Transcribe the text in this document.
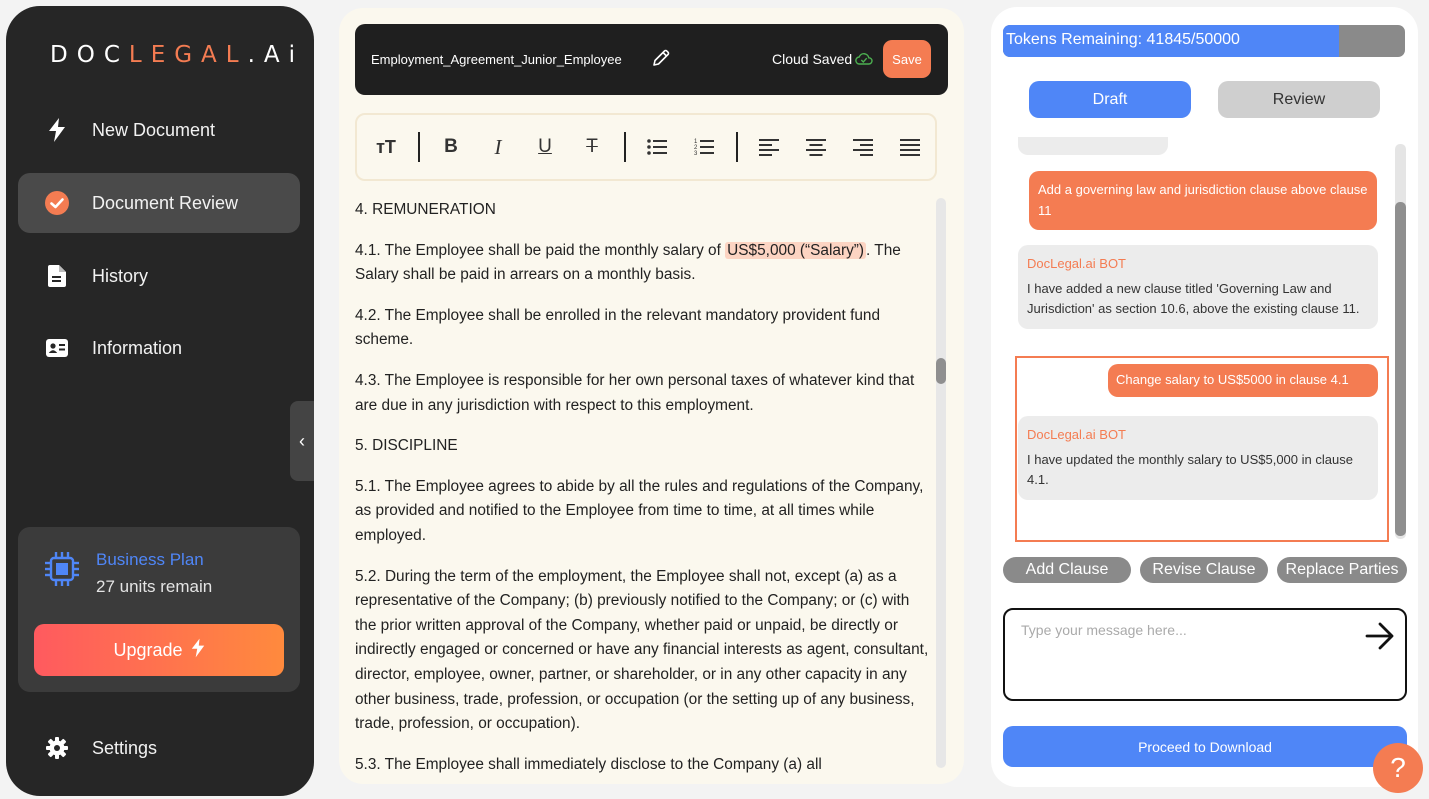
DOCLEGAL.Ai
New Document
Document Review
History
Information
‹
Business Plan
27 units remain
Upgrade
Settings
Employment_Agreement_Junior_Employee	Cloud Saved	Save
тT	B I U T	1
2
3

4. REMUNERATION

4.1. The Employee shall be paid the monthly salary of US$5,000 (“Salary”) . The Salary shall be paid in arrears on a monthly basis.

4.2. The Employee shall be enrolled in the relevant mandatory provident fund scheme.

4.3. The Employee is responsible for her own personal taxes of whatever kind that are due in any jurisdiction with respect to this employment.

5. DISCIPLINE

5.1. The Employee agrees to abide by all the rules and regulations of the Company, as provided and notified to the Employee from time to time, at all times while employed.

5.2. During the term of the employment, the Employee shall not, except (a) as a representative of the Company; (b) previously notified to the Company; or (c) with the prior written approval of the Company, whether paid or unpaid, be directly or indirectly engaged or concerned or have any financial interests as agent, consultant, director, employee, owner, partner, or shareholder, or in any other capacity in any other business, trade, profession, or occupation (or the setting up of any business, trade, profession, or occupation).

5.3. The Employee shall immediately disclose to the Company (a) all

Tokens Remaining: 41845/50000
Draft	Review
Add a governing law and jurisdiction clause above clause 11
DocLegal.ai BOT
I have added a new clause titled 'Governing Law and Jurisdiction' as section 10.6, above the existing clause 11.
Change salary to US$5000 in clause 4.1
DocLegal.ai BOT
I have updated the monthly salary to US$5,000 in clause 4.1.
Add Clause	Revise Clause	Replace Parties
Type your message here...
Proceed to Download
?
